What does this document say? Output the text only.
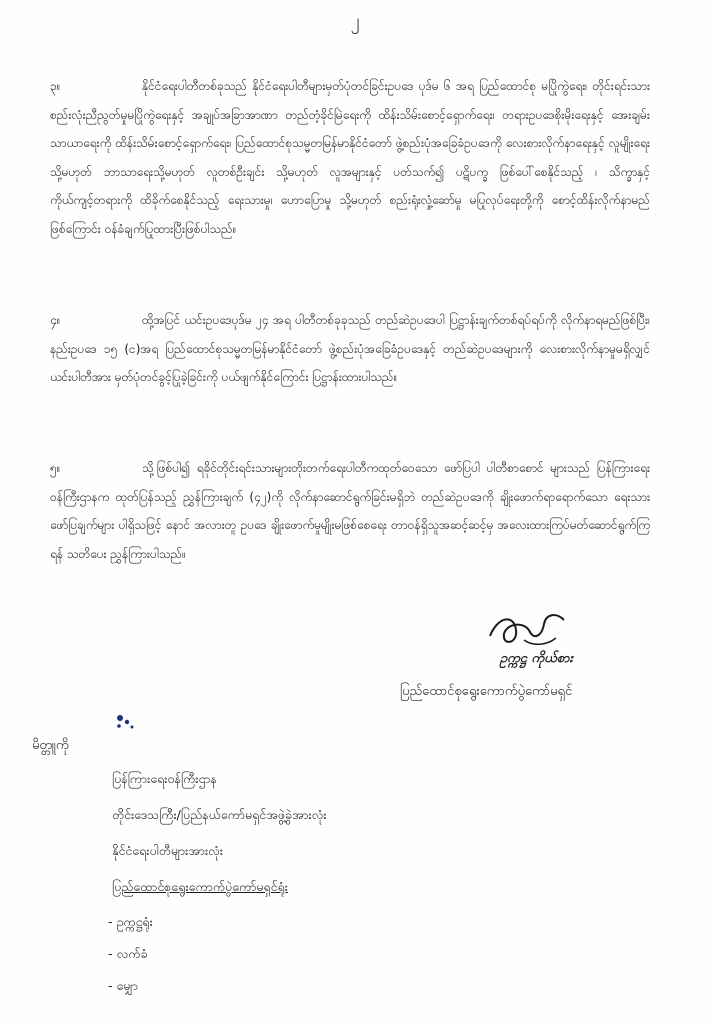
၂
၃။	နိုင်ငံရေးပါတီတစ်ခုသည် နိုင်ငံရေးပါတီများမှတ်ပုံတင်ခြင်းဥပဒေ ပုဒ်မ ၆ အရ ပြည်ထောင်စု မပြိုကွဲရေး၊ တိုင်းရင်းသားစည်းလုံးညီညွတ်မှုမပြိုကွဲရေးနှင့် အချုပ်အခြာအာဏာ တည်တံ့ခိုင်မြဲရေးကို ထိန်းသိမ်းစောင့်ရှောက်ရေး၊ တရားဥပဒေစိုးမိုးရေးနှင့် အေးချမ်းသာယာရေးကို ထိန်းသိမ်းစောင့်ရှောက်ရေး၊ ပြည်ထောင်စုသမ္မတမြန်မာနိုင်ငံတော် ဖွဲ့စည်းပုံအခြေခံဥပဒေကို လေးစားလိုက်နာရေးနှင့် လူမျိုးရေး သို့မဟုတ် ဘာသာရေးသို့မဟုတ် လူတစ်ဦးချင်း သို့မဟုတ် လူအများနှင့် ပတ်သက်၍ ပဋိပက္ခ ဖြစ်ပေါ်စေနိုင်သည့် ၊ သိက္ခာနှင့် ကိုယ်ကျင့်တရားကို ထိခိုက်စေနိုင်သည့် ရေးသားမှု၊ ဟောပြောမှု သို့မဟုတ် စည်းရုံးလှုံ့ဆော်မှု မပြုလုပ်ရေးတို့ကို စောင့်ထိန်းလိုက်နာမည်ဖြစ်ကြောင်း ဝန်ခံချက်ပြုထားပြီးဖြစ်ပါသည်။
၄။	ထို့အပြင် ယင်းဥပဒေပုဒ်မ ၂၄ အရ ပါတီတစ်ခုခုသည် တည်ဆဲဥပဒေပါ ပြဋ္ဌာန်းချက်တစ်ရပ်ရပ်ကို လိုက်နာရမည်ဖြစ်ပြီး၊ နည်းဥပဒေ ၁၅ (င)အရ ပြည်ထောင်စုသမ္မတမြန်မာနိုင်ငံတော် ဖွဲ့စည်းပုံအခြေခံဥပဒေနှင့် တည်ဆဲဥပဒေများကို လေးစားလိုက်နာမှုမရှိလျှင် ယင်းပါတီအား မှတ်ပုံတင်ခွင့်ပြုခဲ့ခြင်းကို ပယ်ဖျက်နိုင်ကြောင်း ပြဋ္ဌာန်းထားပါသည်။
၅။	သို့ဖြစ်ပါ၍ ရခိုင်တိုင်းရင်းသားများတိုးတက်ရေးပါတီကထုတ်ဝေသော ဖော်ပြပါ ပါတီစာစောင် များသည် ပြန်ကြားရေးဝန်ကြီးဌာနက ထုတ်ပြန်သည့် ညွှန်ကြားချက် (၄၂)ကို လိုက်နာဆောင်ရွက်ခြင်းမရှိဘဲ တည်ဆဲဥပဒေကို ချိုးဖောက်ရာရောက်သော ရေးသားဖော်ပြချက်များ ပါရှိသဖြင့် နောင် အလားတူ ဥပဒေ ချိုးဖောက်မှုမျိုးမဖြစ်စေရေး တာဝန်ရှိသူအဆင့်ဆင့်မှ အလေးထားကြပ်မတ်ဆောင်ရွက်ကြရန် သတိပေး ညွှန်ကြားပါသည်။
ဥက္ကဋ္ဌ ကိုယ်စား
ပြည်ထောင်စုရွေးကောက်ပွဲကော်မရှင်
မိတ္တူကို
ပြန်ကြားရေးဝန်ကြီးဌာန
တိုင်းဒေသကြီး/ပြည်နယ်ကော်မရှင်အဖွဲ့ခွဲအားလုံး
နိုင်ငံရေးပါတီများအားလုံး
ပြည်ထောင်စုရွေးကောက်ပွဲကော်မရှင်ရုံး
- ဥက္ကဋ္ဌရုံး
- လက်ခံ
- မျှော
